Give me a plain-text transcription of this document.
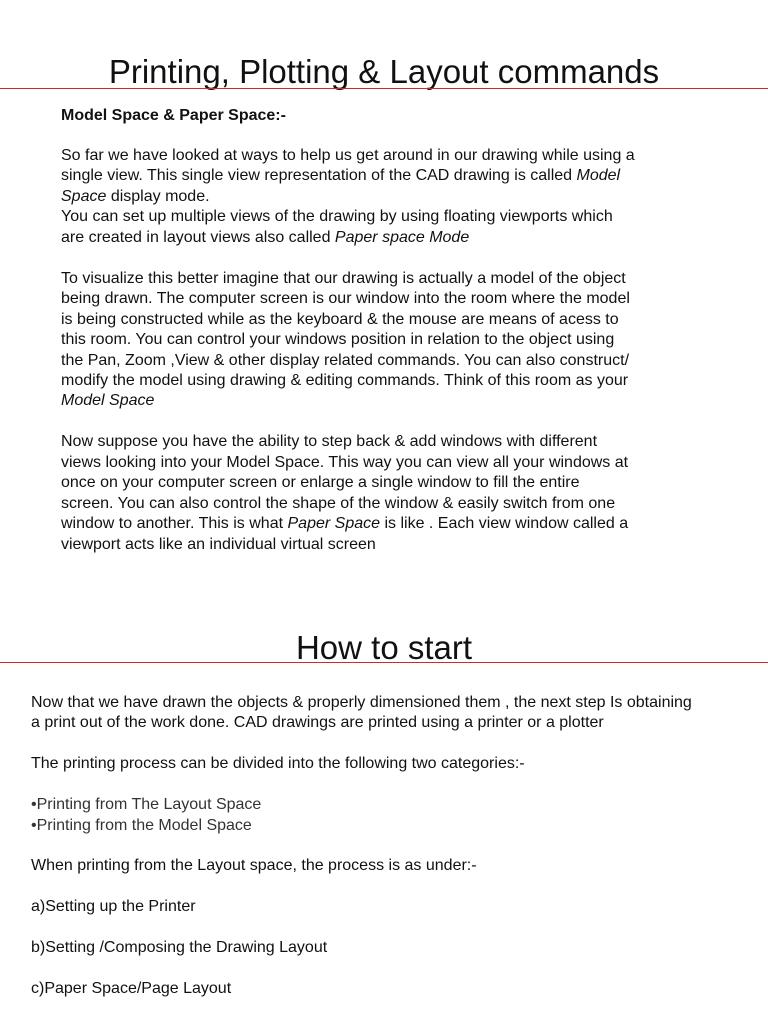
Printing, Plotting & Layout commands
Model Space & Paper Space:-
So far we have looked at ways to help us get around in our drawing while using a
single view. This single view representation of the CAD drawing is called Model
Space display mode.
You can set up multiple views of the drawing by using floating viewports which
are created in layout views also called Paper space Mode
To visualize this better imagine that our drawing is actually a model of the object
being drawn. The computer screen is our window into the room where the model
is being constructed while as the keyboard & the mouse are means of acess to
this room. You can control your windows position in relation to the object using
the Pan, Zoom ,View & other display related commands. You can also construct/
modify the model using drawing & editing commands. Think of this room as your
Model Space
Now suppose you have the ability to step back & add windows with different
views looking into your Model Space. This way you can view all your windows at
once on your computer screen or enlarge a single window to fill the entire
screen. You can also control the shape of the window & easily switch from one
window to another. This is what Paper Space is like . Each view window called a
viewport acts like an individual virtual screen
How to start
Now that we have drawn the objects & properly dimensioned them , the next step Is obtaining
a print out of the work done. CAD drawings are printed using a printer or a plotter
The printing process can be divided into the following two categories:-
•Printing from The Layout Space
•Printing from the Model Space
When printing from the Layout space, the process is as under:-
a)Setting up the Printer
b)Setting /Composing the Drawing Layout
c)Paper Space/Page Layout
